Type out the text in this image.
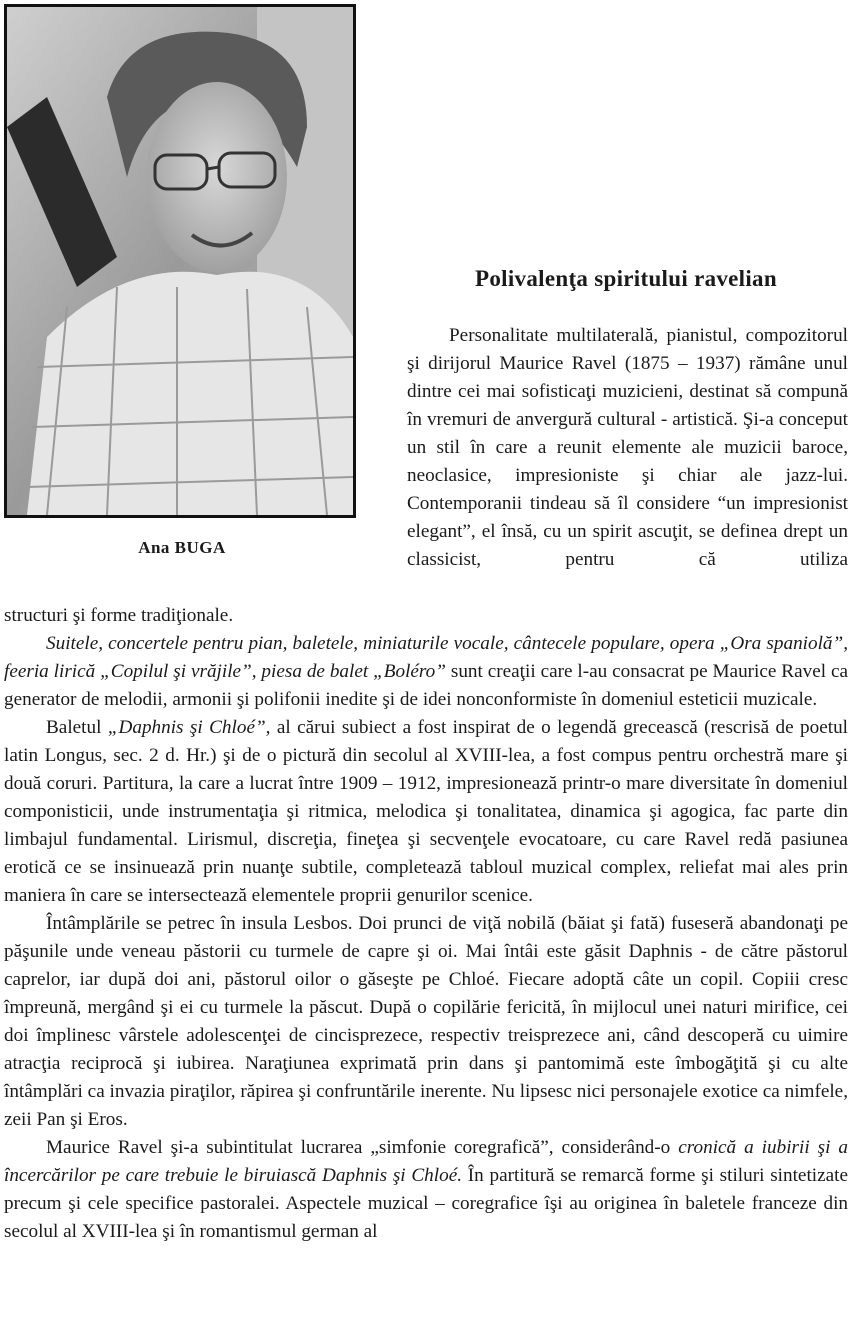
Ana BUGA
Polivalenţa spiritului ravelian

Personalitate multilaterală, pianistul, compozitorul şi dirijorul Maurice Ravel (1875 – 1937) rămâne unul dintre cei mai sofisticaţi muzicieni, destinat să compună în vremuri de anvergură cultural - artistică. Şi-a conceput un stil în care a reunit elemente ale muzicii baroce, neoclasice, impresioniste şi chiar ale jazz-lui. Contemporanii tindeau să îl considere “un impresionist elegant”, el însă, cu un spirit ascuţit, se definea drept un classicist, pentru că utiliza

structuri şi forme tradiţionale.

Suitele, concertele pentru pian, baletele, miniaturile vocale, cântecele populare, opera „Ora spaniolă”, feeria lirică „Copilul şi vrăjile”, piesa de balet „Boléro” sunt creaţii care l-au consacrat pe Maurice Ravel ca generator de melodii, armonii şi polifonii inedite şi de idei nonconformiste în domeniul esteticii muzicale.

Baletul „Daphnis şi Chloé”, al cărui subiect a fost inspirat de o legendă grecească (rescrisă de poetul latin Longus, sec. 2 d. Hr.) şi de o pictură din secolul al XVIII-lea, a fost compus pentru orchestră mare şi două coruri. Partitura, la care a lucrat între 1909 – 1912, impresionează printr-o mare diversitate în domeniul componisticii, unde instrumentaţia şi ritmica, melodica şi tonalitatea, dinamica şi agogica, fac parte din limbajul fundamental. Lirismul, discreţia, fineţea şi secvenţele evocatoare, cu care Ravel redă pasiunea erotică ce se insinuează prin nuanţe subtile, completează tabloul muzical complex, reliefat mai ales prin maniera în care se intersectează elementele proprii genurilor scenice.

Întâmplările se petrec în insula Lesbos. Doi prunci de viţă nobilă (băiat şi fată) fuseseră abandonaţi pe păşunile unde veneau păstorii cu turmele de capre şi oi. Mai întâi este găsit Daphnis - de către păstorul caprelor, iar după doi ani, păstorul oilor o găseşte pe Chloé. Fiecare adoptă câte un copil. Copiii cresc împreună, mergând şi ei cu turmele la păscut. După o copilărie fericită, în mijlocul unei naturi mirifice, cei doi împlinesc vârstele adolescenţei de cincisprezece, respectiv treisprezece ani, când descoperă cu uimire atracţia reciprocă şi iubirea. Naraţiunea exprimată prin dans şi pantomimă este îmbogăţită şi cu alte întâmplări ca invazia piraţilor, răpirea şi confruntările inerente. Nu lipsesc nici personajele exotice ca nimfele, zeii Pan şi Eros.

Maurice Ravel şi-a subintitulat lucrarea „simfonie coregrafică”, considerând-o cronică a iubirii şi a încercărilor pe care trebuie le biruiască Daphnis şi Chloé. În partitură se remarcă forme şi stiluri sintetizate precum şi cele specifice pastoralei. Aspectele muzical – coregrafice îşi au originea în baletele franceze din secolul al XVIII-lea şi în romantismul german al
